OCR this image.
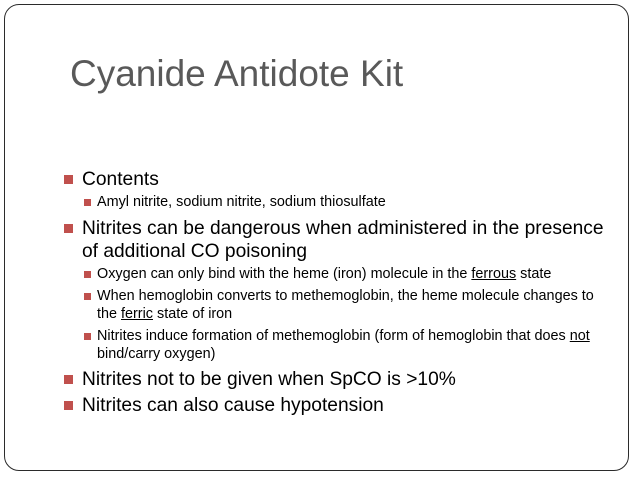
Cyanide Antidote Kit
Contents
Amyl nitrite, sodium nitrite, sodium thiosulfate
Nitrites can be dangerous when administered in the presence of additional CO poisoning
Oxygen can only bind with the heme (iron) molecule in the ferrous state
When hemoglobin converts to methemoglobin, the heme molecule changes to the ferric state of iron
Nitrites induce formation of methemoglobin (form of hemoglobin that does not bind/carry oxygen)
Nitrites not to be given when SpCO is >10%
Nitrites can also cause hypotension
